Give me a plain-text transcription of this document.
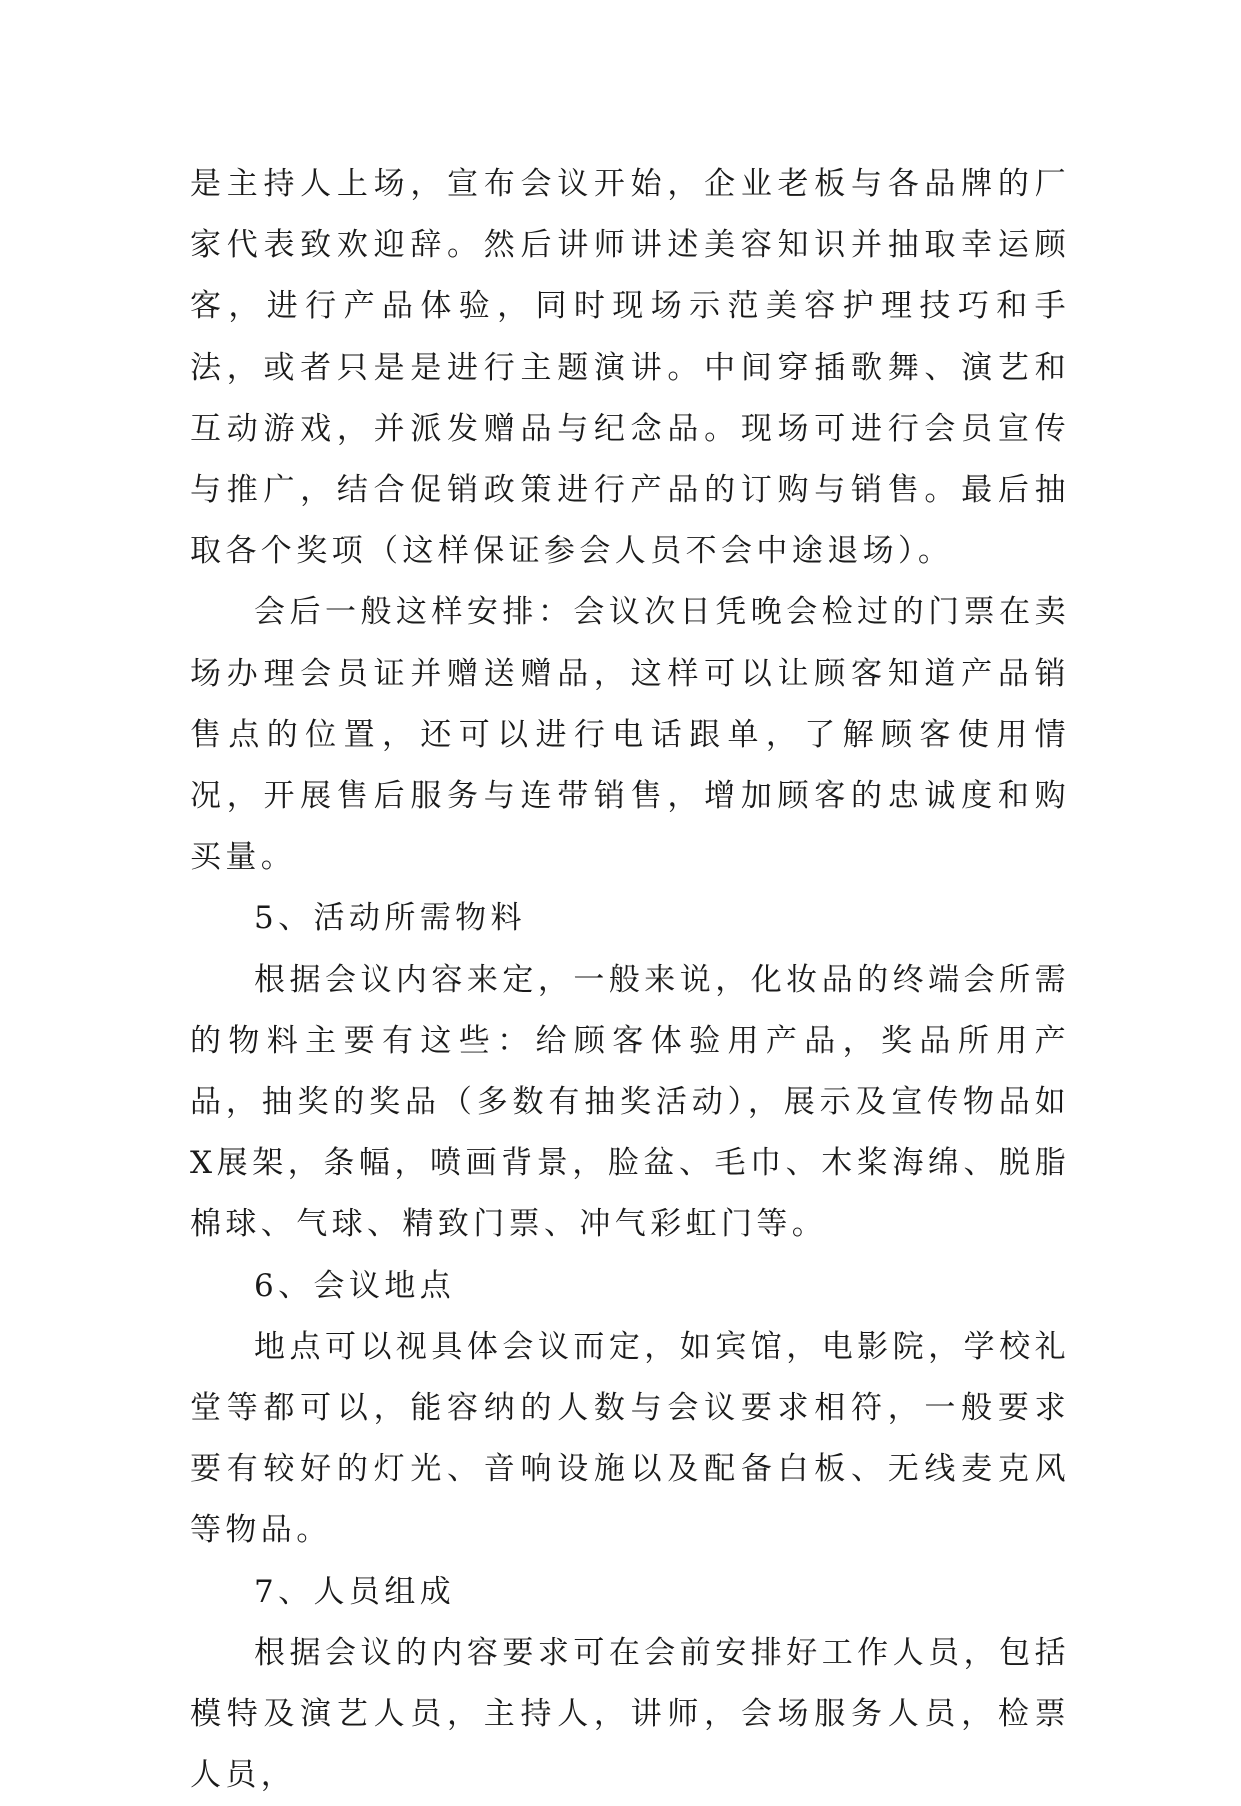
是主持人上场，宣布会议开始，企业老板与各品牌的厂家代表致欢迎辞。然后讲师讲述美容知识并抽取幸运顾客，进行产品体验，同时现场示范美容护理技巧和手法，或者只是是进行主题演讲。中间穿插歌舞、演艺和互动游戏，并派发赠品与纪念品。现场可进行会员宣传与推广，结合促销政策进行产品的订购与销售。最后抽取各个奖项（这样保证参会人员不会中途退场）。

会后一般这样安排：会议次日凭晚会检过的门票在卖场办理会员证并赠送赠品，这样可以让顾客知道产品销售点的位置，还可以进行电话跟单，了解顾客使用情况，开展售后服务与连带销售，增加顾客的忠诚度和购买量。

5、活动所需物料

根据会议内容来定，一般来说，化妆品的终端会所需的物料主要有这些：给顾客体验用产品，奖品所用产品，抽奖的奖品（多数有抽奖活动），展示及宣传物品如X展架，条幅，喷画背景，脸盆、毛巾、木桨海绵、脱脂棉球、气球、精致门票、冲气彩虹门等。

6、会议地点

地点可以视具体会议而定，如宾馆，电影院，学校礼堂等都可以，能容纳的人数与会议要求相符，一般要求要有较好的灯光、音响设施以及配备白板、无线麦克风等物品。

7、人员组成

根据会议的内容要求可在会前安排好工作人员，包括模特及演艺人员，主持人，讲师，会场服务人员，检票人员，
